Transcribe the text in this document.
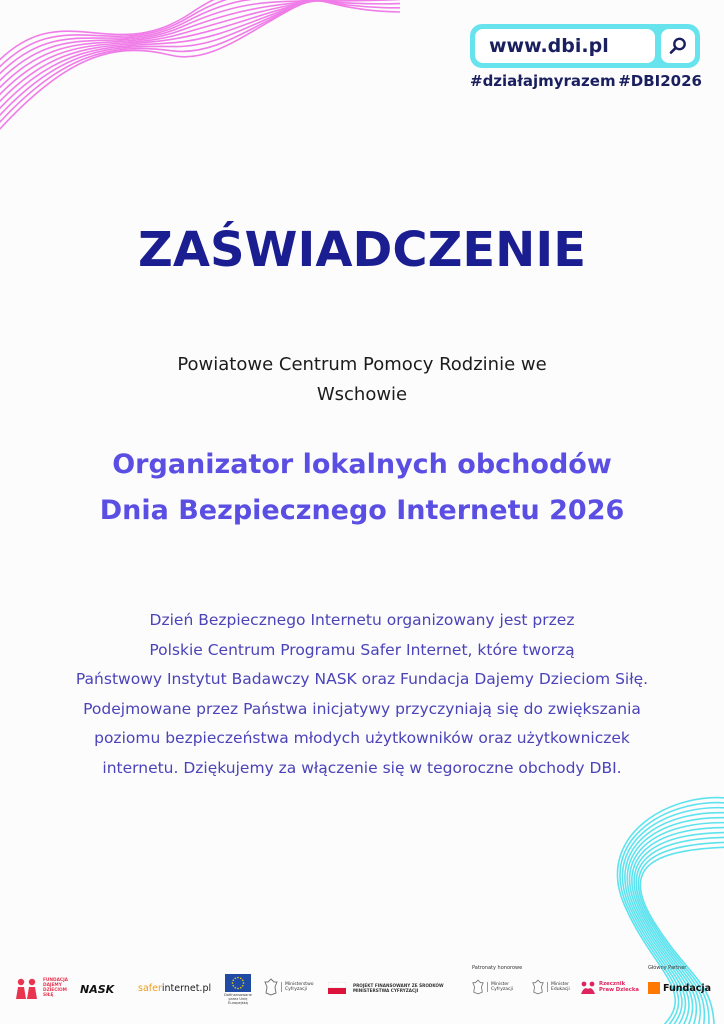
www.dbi.pl
#działajmyrazem #DBI2026
ZAŚWIADCZENIE
Powiatowe Centrum Pomocy Rodzinie we
Wschowie
Organizator lokalnych obchodów
Dnia Bezpiecznego Internetu 2026
Dzień Bezpiecznego Internetu organizowany jest przez
Polskie Centrum Programu Safer Internet, które tworzą
Państwowy Instytut Badawczy NASK oraz Fundacja Dajemy Dzieciom Siłę.
Podejmowane przez Państwa inicjatywy przyczyniają się do zwiększania
poziomu bezpieczeństwa młodych użytkowników oraz użytkowniczek
internetu. Dziękujemy za włączenie się w tegoroczne obchody DBI.
FUNDACJA
DAJEMY
DZIECIOM
SIŁĘ	NASK	safer internet.pl
Dofinansowane przez Unię Europejską
Ministerstwo
Cyfryzacji
PROJEKT FINANSOWANY ZE ŚRODKÓW
MINISTERSTWA CYFRYZACJI
Patronaty honorowe
Minister
Cyfryzacji
Minister
Edukacji
Rzecznik
Praw Dziecka
Główny Partner
Fundacja
